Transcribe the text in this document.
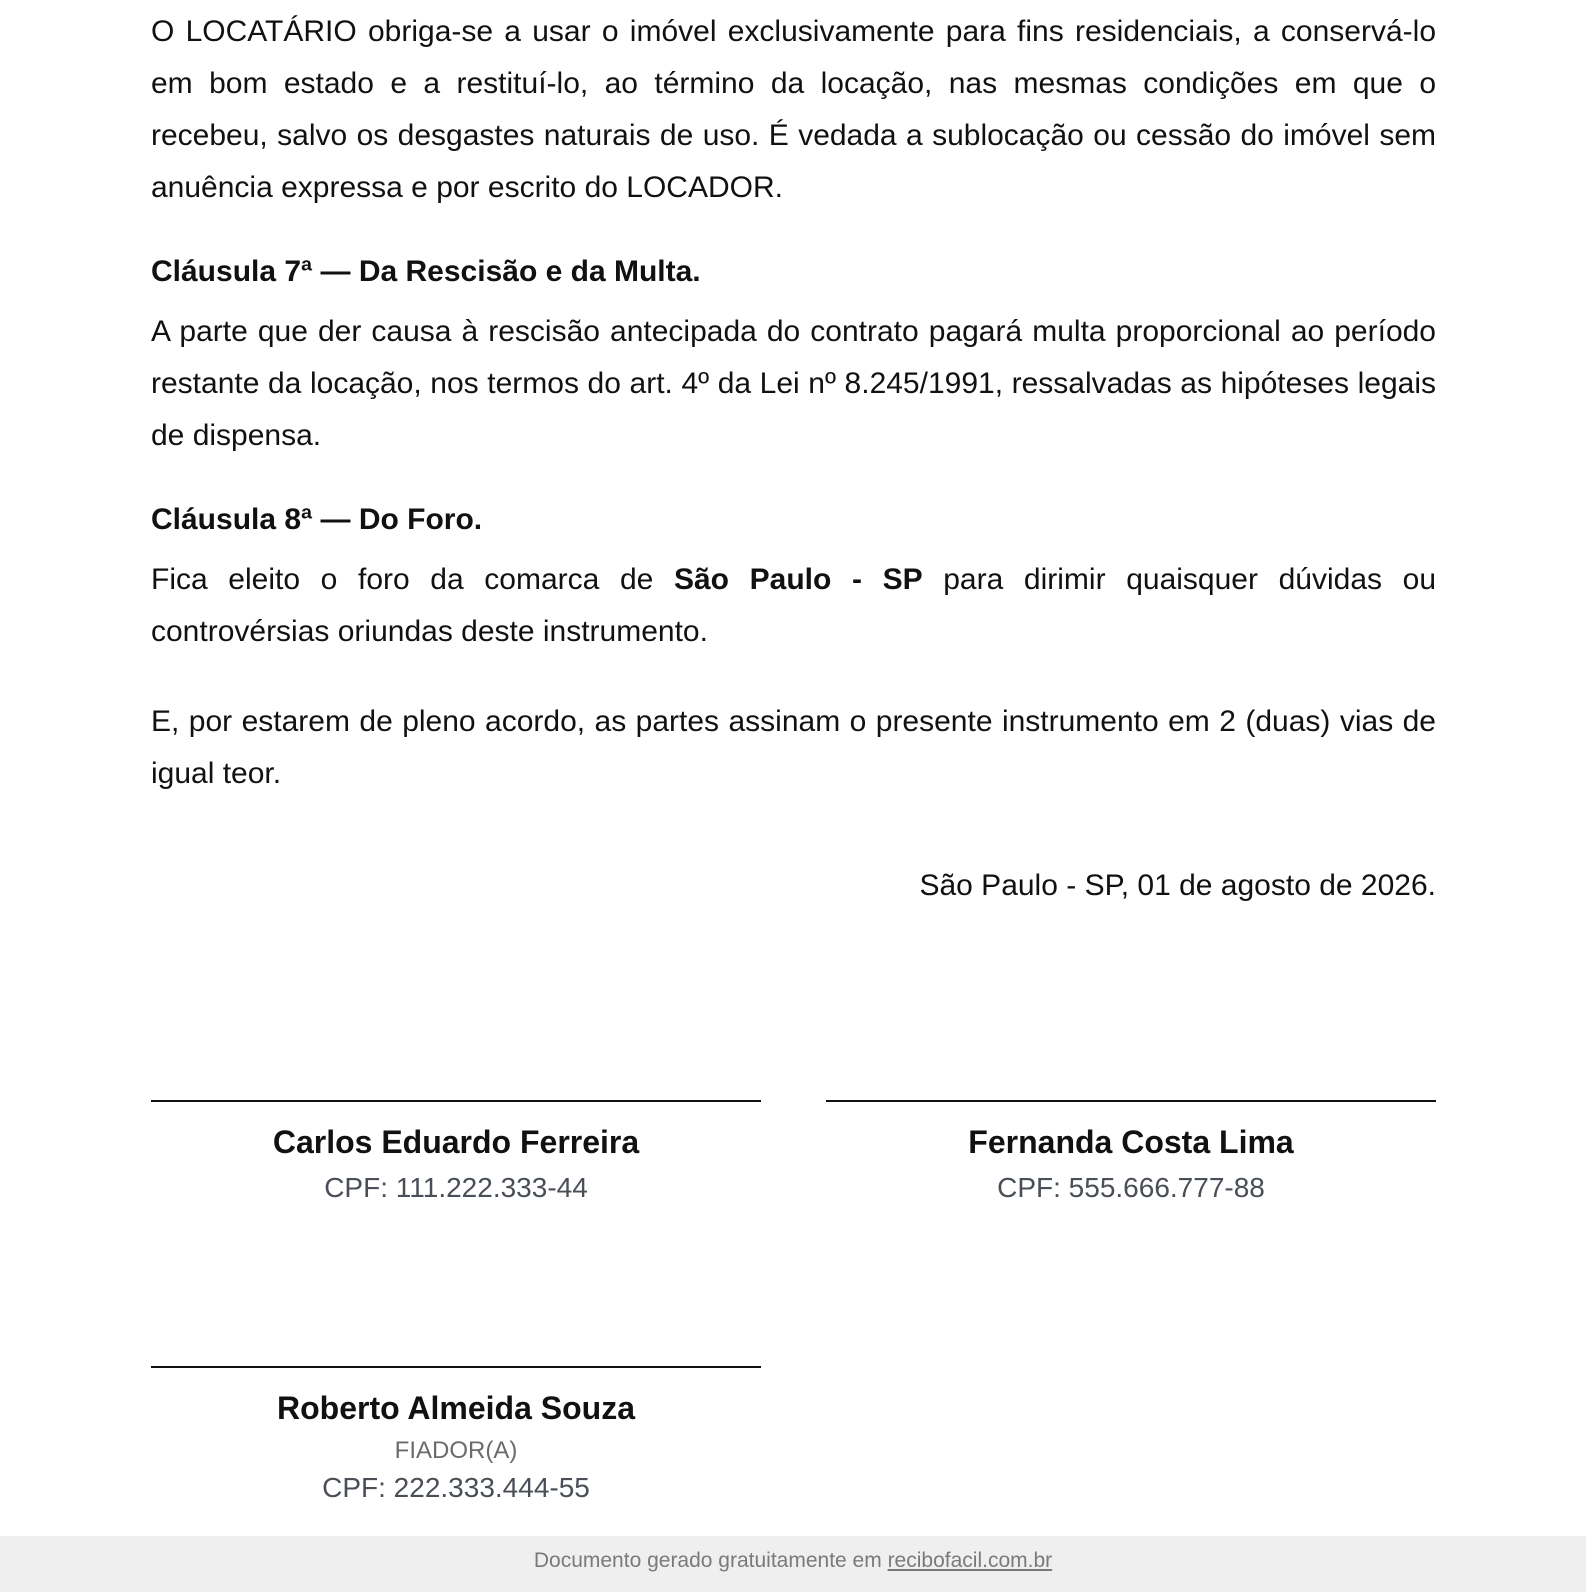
O LOCATÁRIO obriga-se a usar o imóvel exclusivamente para fins residenciais, a conservá-lo em bom estado e a restituí-lo, ao término da locação, nas mesmas condições em que o recebeu, salvo os desgastes naturais de uso. É vedada a sublocação ou cessão do imóvel sem anuência expressa e por escrito do LOCADOR.

Cláusula 7ª — Da Rescisão e da Multa.

A parte que der causa à rescisão antecipada do contrato pagará multa proporcional ao período restante da locação, nos termos do art. 4º da Lei nº 8.245/1991, ressalvadas as hipóteses legais de dispensa.

Cláusula 8ª — Do Foro.

Fica eleito o foro da comarca de São Paulo - SP para dirimir quaisquer dúvidas ou controvérsias oriundas deste instrumento.

E, por estarem de pleno acordo, as partes assinam o presente instrumento em 2 (duas) vias de igual teor.

São Paulo - SP, 01 de agosto de 2026.
Carlos Eduardo Ferreira
CPF: 111.222.333-44
Fernanda Costa Lima
CPF: 555.666.777-88
Roberto Almeida Souza
FIADOR(A)
CPF: 222.333.444-55
Documento gerado gratuitamente em recibofacil.com.br
